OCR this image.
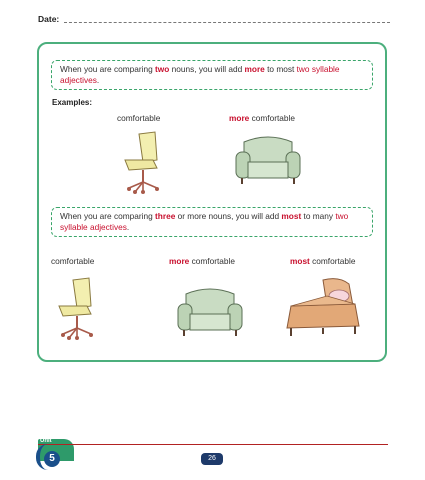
Date:
When you are comparing two nouns, you will add more to most two syllable adjectives.
Examples:
comfortable	more comfortable
When you are comparing three or more nouns, you will add most to many two syllable adjectives.
comfortable	more comfortable	most comfortable
Unit
5	26
